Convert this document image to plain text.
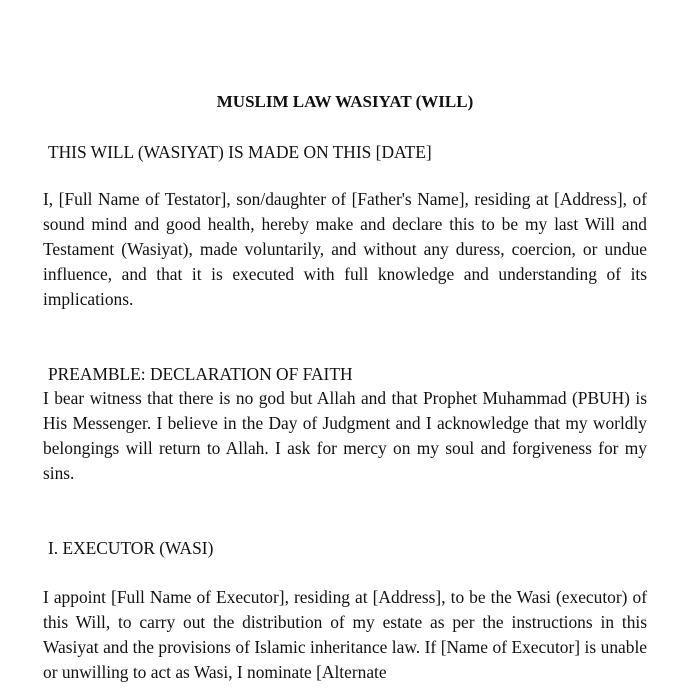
MUSLIM LAW WASIYAT (WILL)

THIS WILL (WASIYAT) IS MADE ON THIS [DATE]

I, [Full Name of Testator], son/daughter of [Father's Name], residing at [Address], of sound mind and good health, hereby make and declare this to be my last Will and Testament (Wasiyat), made voluntarily, and without any duress, coercion, or undue influence, and that it is executed with full knowledge and understanding of its implications.

PREAMBLE: DECLARATION OF FAITH

I bear witness that there is no god but Allah and that Prophet Muhammad (PBUH) is His Messenger. I believe in the Day of Judgment and I acknowledge that my worldly belongings will return to Allah. I ask for mercy on my soul and forgiveness for my sins.

I. EXECUTOR (WASI)

I appoint [Full Name of Executor], residing at [Address], to be the Wasi (executor) of this Will, to carry out the distribution of my estate as per the instructions in this Wasiyat and the provisions of Islamic inheritance law. If [Name of Executor] is unable or unwilling to act as Wasi, I nominate [Alternate
